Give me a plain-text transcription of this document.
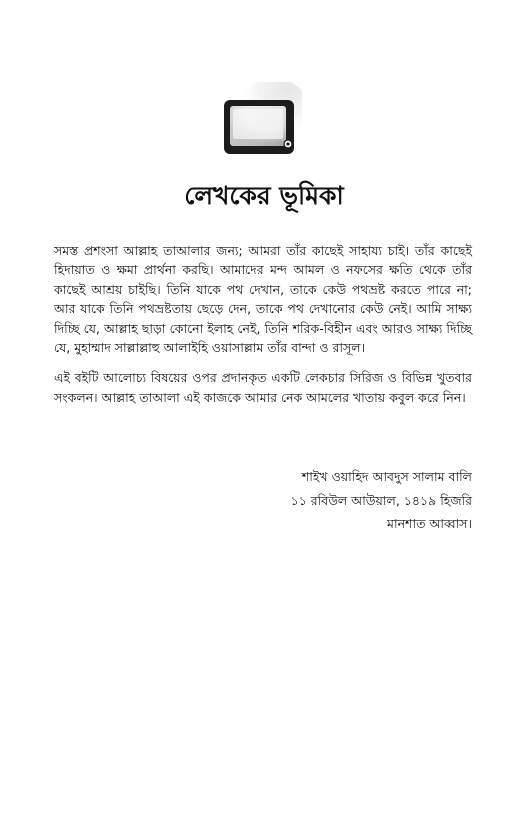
লেখকের ভূমিকা

সমস্ত প্রশংসা আল্লাহ তাআলার জন্য; আমরা তাঁর কাছেই সাহায্য চাই। তাঁর কাছেই হিদায়াত ও ক্ষমা প্রার্থনা করছি। আমাদের মন্দ আমল ও নফসের ক্ষতি থেকে তাঁর কাছেই আশ্রয় চাইছি। তিনি যাকে পথ দেখান, তাকে কেউ পথভ্রষ্ট করতে পারে না; আর যাকে তিনি পথভ্রষ্টতায় ছেড়ে দেন, তাকে পথ দেখানোর কেউ নেই। আমি সাক্ষ্য দিচ্ছি যে, আল্লাহ ছাড়া কোনো ইলাহ নেই, তিনি শরিক-বিহীন এবং আরও সাক্ষ্য দিচ্ছি যে, মুহাম্মাদ সাল্লাল্লাহু আলাইহি ওয়াসাল্লাম তাঁর বান্দা ও রাসূল।

এই বইটি আলোচ্য বিষয়ের ওপর প্রদানকৃত একটি লেকচার সিরিজ ও বিভিন্ন খুতবার সংকলন। আল্লাহ তাআলা এই কাজকে আমার নেক আমলের খাতায় কবুল করে নিন।

শাইখ ওয়াহিদ আবদুস সালাম বালি
১১ রবিউল আউয়াল, ১৪১৯ হিজরি
মানশাত আব্বাস।
